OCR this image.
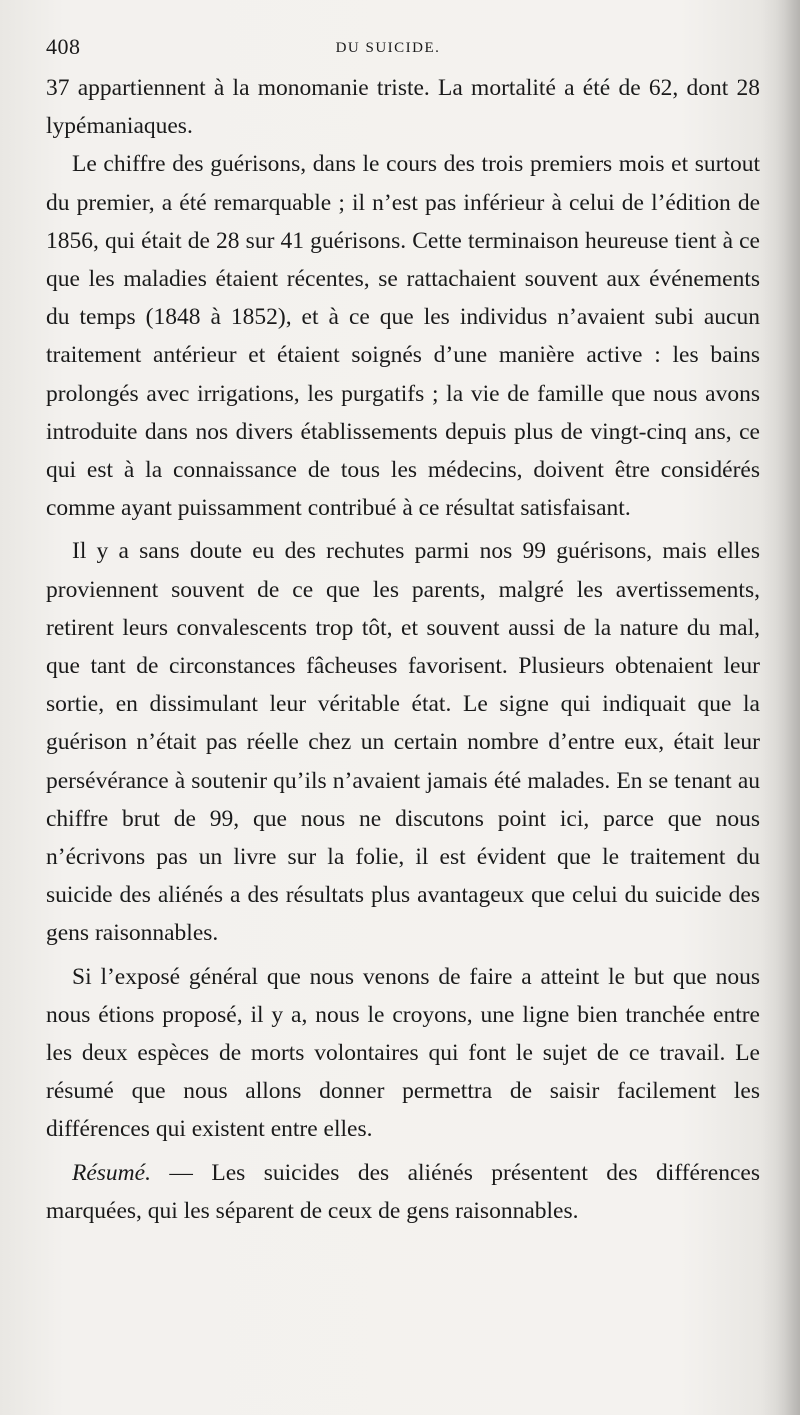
408	DU SUICIDE.

37 appartiennent à la monomanie triste. La mortalité a été de 62, dont 28 lypémaniaques.

Le chiffre des guérisons, dans le cours des trois premiers mois et surtout du premier, a été remarquable ; il n’est pas inférieur à celui de l’édition de 1856, qui était de 28 sur 41 guérisons. Cette terminaison heureuse tient à ce que les maladies étaient récentes, se rattachaient souvent aux événements du temps (1848 à 1852), et à ce que les individus n’avaient subi aucun traitement antérieur et étaient soignés d’une manière active : les bains prolongés avec irrigations, les purgatifs ; la vie de famille que nous avons introduite dans nos divers établissements depuis plus de vingt-cinq ans, ce qui est à la connaissance de tous les médecins, doivent être considérés comme ayant puissamment contribué à ce résultat satisfaisant.

Il y a sans doute eu des rechutes parmi nos 99 guérisons, mais elles proviennent souvent de ce que les parents, malgré les avertissements, retirent leurs convalescents trop tôt, et souvent aussi de la nature du mal, que tant de circonstances fâcheuses favorisent. Plusieurs obtenaient leur sortie, en dissimulant leur véritable état. Le signe qui indiquait que la guérison n’était pas réelle chez un certain nombre d’entre eux, était leur persévérance à soutenir qu’ils n’avaient jamais été malades. En se tenant au chiffre brut de 99, que nous ne discutons point ici, parce que nous n’écrivons pas un livre sur la folie, il est évident que le traitement du suicide des aliénés a des résultats plus avantageux que celui du suicide des gens raisonnables.

Si l’exposé général que nous venons de faire a atteint le but que nous nous étions proposé, il y a, nous le croyons, une ligne bien tranchée entre les deux espèces de morts volontaires qui font le sujet de ce travail. Le résumé que nous allons donner permettra de saisir facilement les différences qui existent entre elles.

Résumé. — Les suicides des aliénés présentent des différences marquées, qui les séparent de ceux de gens raisonnables.
